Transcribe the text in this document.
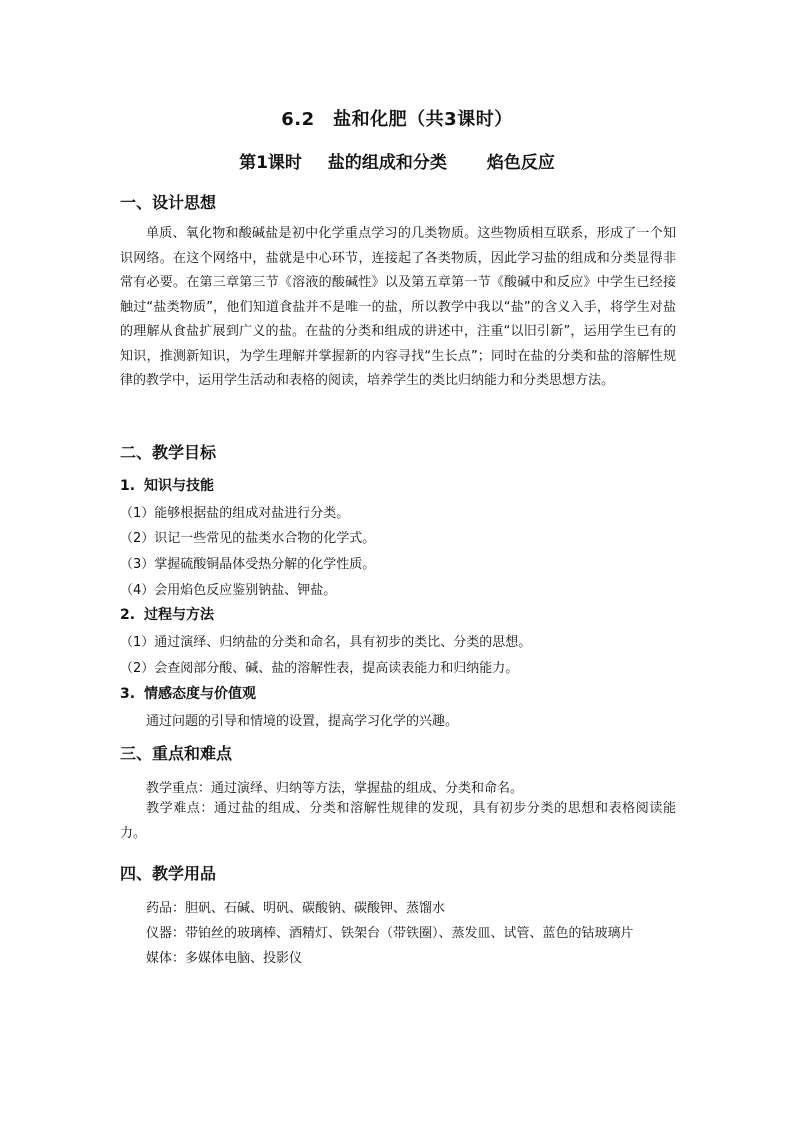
6.2　盐和化肥（共3课时）
第1课时 盐的组成和分类 焰色反应
一、设计思想

单质、氧化物和酸碱盐是初中化学重点学习的几类物质。这些物质相互联系，形成了一个知识网络。在这个网络中，盐就是中心环节，连接起了各类物质，因此学习盐的组成和分类显得非常有必要。在第三章第三节《溶液的酸碱性》以及第五章第一节《酸碱中和反应》中学生已经接触过“盐类物质”，他们知道食盐并不是唯一的盐，所以教学中我以“盐”的含义入手，将学生对盐的理解从食盐扩展到广义的盐。在盐的分类和组成的讲述中，注重“以旧引新”，运用学生已有的知识，推测新知识，为学生理解并掌握新的内容寻找“生长点”；同时在盐的分类和盐的溶解性规律的教学中，运用学生活动和表格的阅读，培养学生的类比归纳能力和分类思想方法。

二、教学目标
1. 知识与技能
（1）能够根据盐的组成对盐进行分类。
（2）识记一些常见的盐类水合物的化学式。
（3）掌握硫酸铜晶体受热分解的化学性质。
（4）会用焰色反应鉴别钠盐、钾盐。
2. 过程与方法
（1）通过演绎、归纳盐的分类和命名，具有初步的类比、分类的思想。
（2）会查阅部分酸、碱、盐的溶解性表，提高读表能力和归纳能力。
3. 情感态度与价值观
通过问题的引导和情境的设置，提高学习化学的兴趣。
三、重点和难点
教学重点：通过演绎、归纳等方法，掌握盐的组成、分类和命名。

教学难点：通过盐的组成、分类和溶解性规律的发现，具有初步分类的思想和表格阅读能力。

四、教学用品
药品：胆矾、石碱、明矾、碳酸钠、碳酸钾、蒸馏水
仪器：带铂丝的玻璃棒、酒精灯、铁架台（带铁圈）、蒸发皿、试管、蓝色的钴玻璃片
媒体：多媒体电脑、投影仪
